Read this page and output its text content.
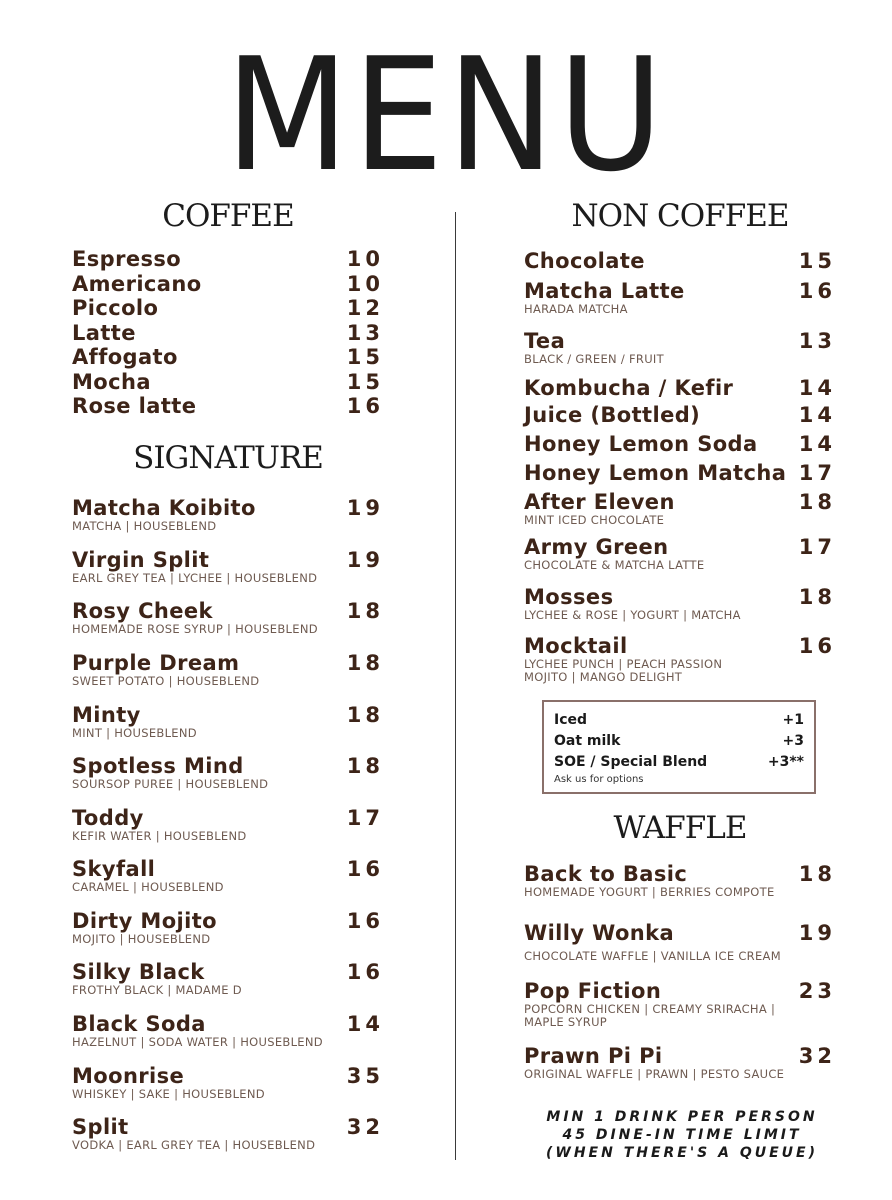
MENU
COFFEE
Espresso	10
Americano	10
Piccolo	12
Latte	13
Affogato	15
Mocha	15
Rose latte	16
SIGNATURE
Matcha Koibito	19
MATCHA | HOUSEBLEND
Virgin Split	19
EARL GREY TEA | LYCHEE | HOUSEBLEND
Rosy Cheek	18
HOMEMADE ROSE SYRUP | HOUSEBLEND
Purple Dream	18
SWEET POTATO | HOUSEBLEND
Minty	18
MINT | HOUSEBLEND
Spotless Mind	18
SOURSOP PUREE | HOUSEBLEND
Toddy	17
KEFIR WATER | HOUSEBLEND
Skyfall	16
CARAMEL | HOUSEBLEND
Dirty Mojito	16
MOJITO | HOUSEBLEND
Silky Black	16
FROTHY BLACK | MADAME D
Black Soda	14
HAZELNUT | SODA WATER | HOUSEBLEND
Moonrise	35
WHISKEY | SAKE | HOUSEBLEND
Split	32
VODKA | EARL GREY TEA | HOUSEBLEND
NON COFFEE
Chocolate	15
Matcha Latte	16
HARADA MATCHA
Tea	13
BLACK / GREEN / FRUIT
Kombucha / Kefir	14
Juice (Bottled)	14
Honey Lemon Soda 14
Honey Lemon Matcha 17
After Eleven	18
MINT ICED CHOCOLATE
Army Green	17
CHOCOLATE & MATCHA LATTE
Mosses	18
LYCHEE & ROSE | YOGURT | MATCHA
Mocktail	16
LYCHEE PUNCH | PEACH PASSION
MOJITO | MANGO DELIGHT
Iced	+1
Oat milk	+3
SOE / Special Blend	+3**
Ask us for options
WAFFLE
Back to Basic	18
HOMEMADE YOGURT | BERRIES COMPOTE
Willy Wonka	19
CHOCOLATE WAFFLE | VANILLA ICE CREAM
Pop Fiction	23
POPCORN CHICKEN | CREAMY SRIRACHA |
MAPLE SYRUP
Prawn Pi Pi	32
ORIGINAL WAFFLE | PRAWN | PESTO SAUCE
MIN 1 DRINK PER PERSON
45 DINE-IN TIME LIMIT
(WHEN THERE'S A QUEUE)
